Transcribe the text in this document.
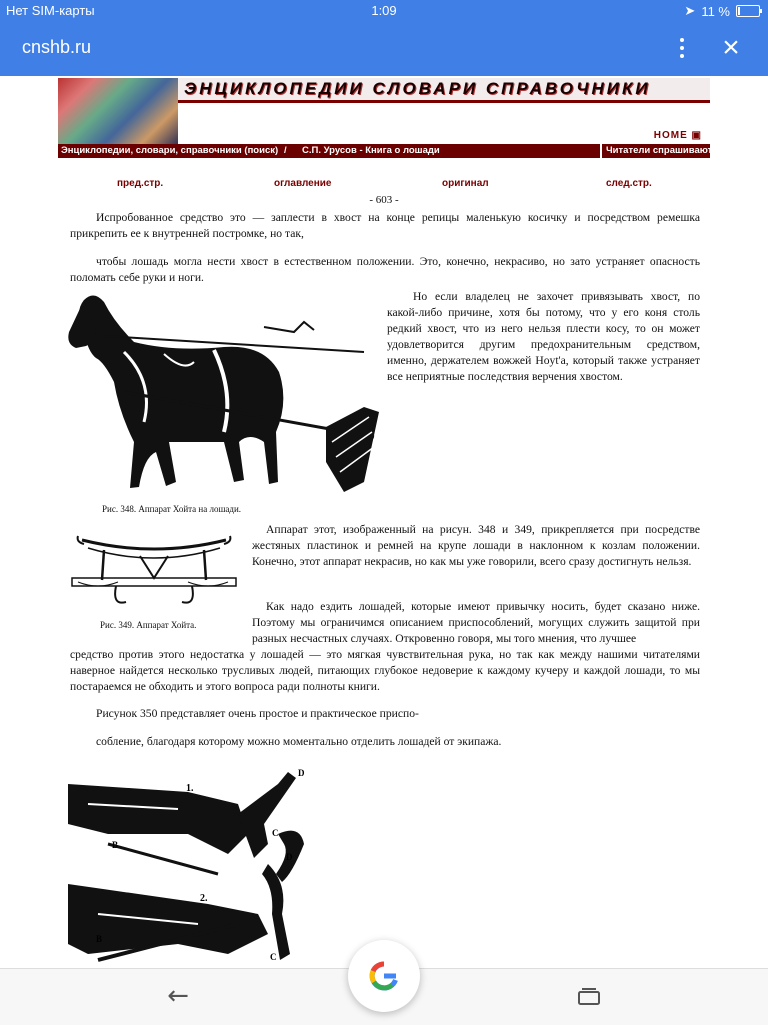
Нет SIM-карты	1:09	➤ 11 %
cnshb.ru	×
ЭНЦИКЛОПЕДИИ СЛОВАРИ СПРАВОЧНИКИ
HOME ▣
Энциклопедии, словари, справочники (поиск) / С.П. Урусов - Книга о лошади	Читатели спрашивают
пред.стр.	оглавление	оригинал	след.стр.
- 603 -
Испробованное средство это — заплести в хвост на конце репицы маленькую косичку и посредством ремешка прикрепить ее к внутренней постромке, но так,
чтобы лошадь могла нести хвост в естественном положении. Это, конечно, некрасиво, но зато устраняет опасность поломать себе руки и ноги.
Рис. 348. Аппарат Хойта на лошади.
Но если владелец не захочет привязывать хвост, по какой-либо причине, хотя бы потому, что у его коня столь редкий хвост, что из него нельзя плести косу, то он может удовлетворится другим предохранительным средством, именно, держателем вожжей Hoyt'a, который также устраняет все неприятные последствия верчения хвостом.
Рис. 349. Аппарат Хойта.
Аппарат этот, изображенный на рисун. 348 и 349, прикрепляется при посредстве жестяных пластинок и ремней на крупе лошади в наклонном к козлам положении. Конечно, этот аппарат некрасив, но как мы уже говорили, всего сразу достигнуть нельзя.
Как надо ездить лошадей, которые имеют привычку носить, будет сказано ниже. Поэтому мы ограничимся описанием приспособлений, могущих служить защитой при разных несчастных случаях. Откровенно говоря, мы того мнения, что лучшее
средство против этого недостатка у лошадей — это мягкая чувствительная рука, но так как между нашими читателями наверное найдется несколько трусливых людей, питающих глубокое недоверие к каждому кучеру и каждой лошади, то мы постараемся не обходить и этого вопроса ради полноты книги.
Рисунок 350 представляет очень простое и практическое приспо-
собление, благодаря которому можно моментально отделить лошадей от экипажа.
1.
2.
B
C
D
B
C
D
←
